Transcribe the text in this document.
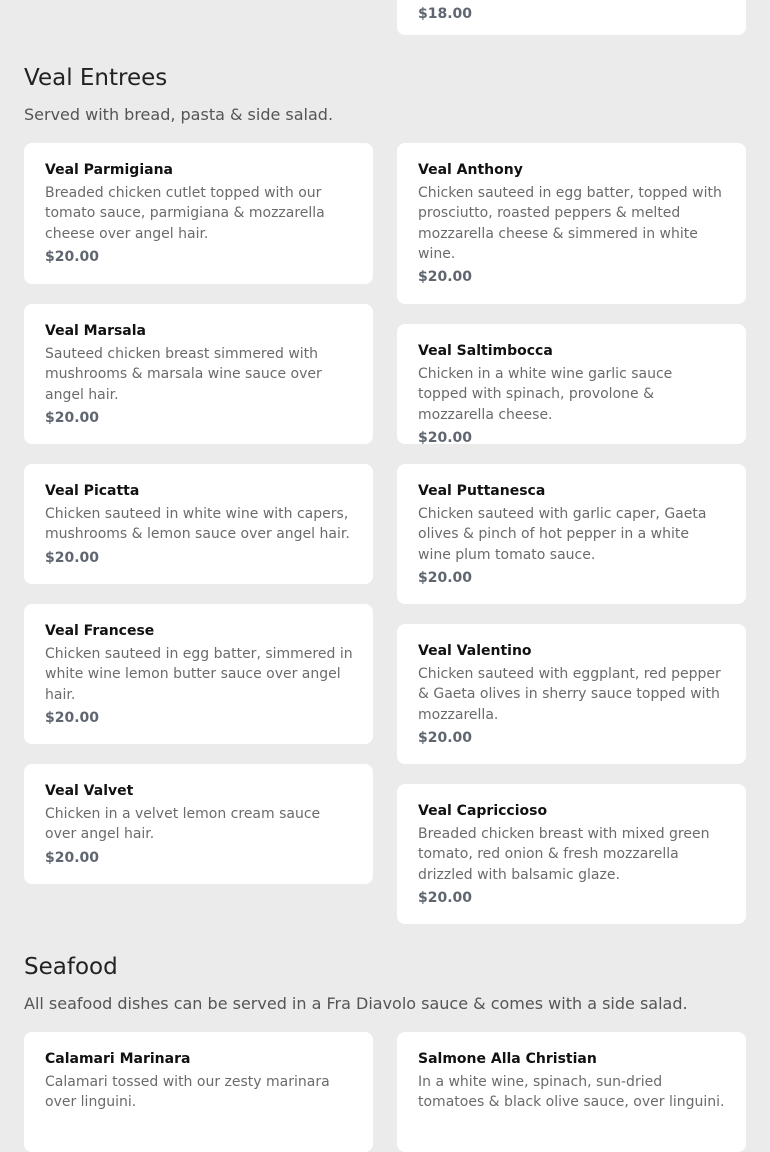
$18.00

Veal Entrees

Served with bread, pasta & side salad.

Veal Parmigiana

Breaded chicken cutlet topped with our tomato sauce, parmigiana & mozzarella cheese over angel hair.

$20.00

Veal Marsala

Sauteed chicken breast simmered with mushrooms & marsala wine sauce over angel hair.

$20.00

Veal Picatta

Chicken sauteed in white wine with capers, mushrooms & lemon sauce over angel hair.

$20.00

Veal Francese

Chicken sauteed in egg batter, simmered in white wine lemon butter sauce over angel hair.

$20.00

Veal Valvet

Chicken in a velvet lemon cream sauce over angel hair.

$20.00

Veal Anthony

Chicken sauteed in egg batter, topped with prosciutto, roasted peppers & melted mozzarella cheese & simmered in white wine.

$20.00

Veal Saltimbocca

Chicken in a white wine garlic sauce topped with spinach, provolone & mozzarella cheese.

$20.00

Veal Puttanesca

Chicken sauteed with garlic caper, Gaeta olives & pinch of hot pepper in a white wine plum tomato sauce.

$20.00

Veal Valentino

Chicken sauteed with eggplant, red pepper & Gaeta olives in sherry sauce topped with mozzarella.

$20.00

Veal Capriccioso

Breaded chicken breast with mixed green tomato, red onion & fresh mozzarella drizzled with balsamic glaze.

$20.00

Seafood

All seafood dishes can be served in a Fra Diavolo sauce & comes with a side salad.

Calamari Marinara

Calamari tossed with our zesty marinara over linguini.

Salmone Alla Christian

In a white wine, spinach, sun-dried tomatoes & black olive sauce, over linguini.
